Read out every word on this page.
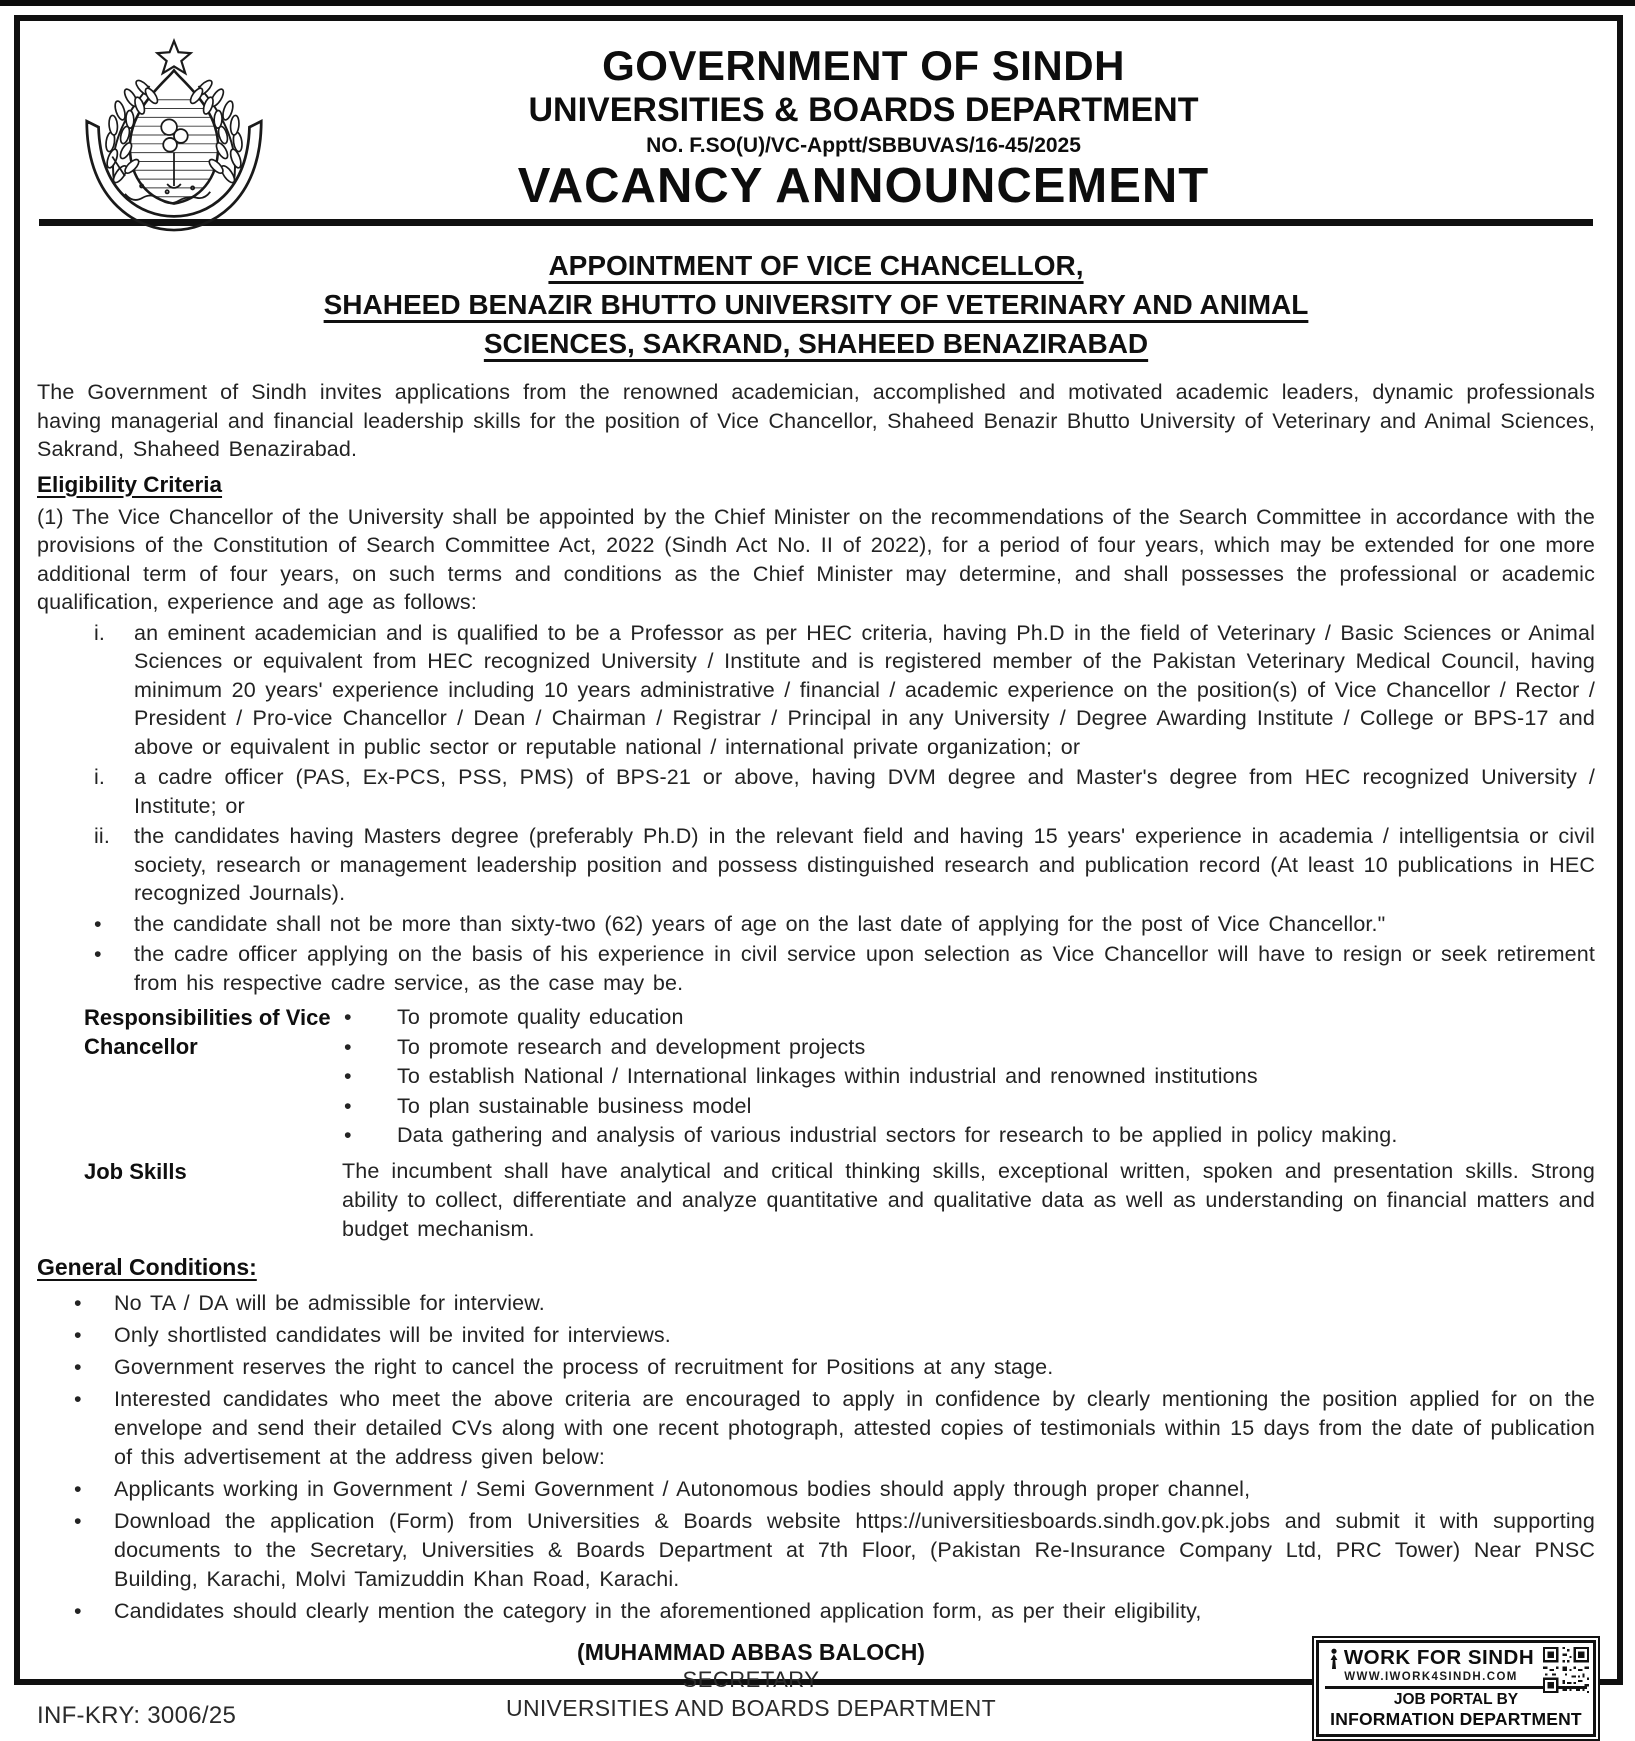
GOVERNMENT OF SINDH
UNIVERSITIES & BOARDS DEPARTMENT
NO. F.SO(U)/VC-Apptt/SBBUVAS/16-45/2025
VACANCY ANNOUNCEMENT
APPOINTMENT OF VICE CHANCELLOR,
SHAHEED BENAZIR BHUTTO UNIVERSITY OF VETERINARY AND ANIMAL
SCIENCES, SAKRAND, SHAHEED BENAZIRABAD

The Government of Sindh invites applications from the renowned academician, accomplished and motivated academic leaders, dynamic professionals having managerial and financial leadership skills for the position of Vice Chancellor, Shaheed Benazir Bhutto University of Veterinary and Animal Sciences, Sakrand, Shaheed Benazirabad.

Eligibility Criteria

(1) The Vice Chancellor of the University shall be appointed by the Chief Minister on the recommendations of the Search Committee in accordance with the provisions of the Constitution of Search Committee Act, 2022 (Sindh Act No. II of 2022), for a period of four years, which may be extended for one more additional term of four years, on such terms and conditions as the Chief Minister may determine, and shall possesses the professional or academic qualification, experience and age as follows:

i. an eminent academician and is qualified to be a Professor as per HEC criteria, having Ph.D in the field of Veterinary / Basic Sciences or Animal Sciences or equivalent from HEC recognized University / Institute and is registered member of the Pakistan Veterinary Medical Council, having minimum 20 years' experience including 10 years administrative / financial / academic experience on the position(s) of Vice Chancellor / Rector / President / Pro-vice Chancellor / Dean / Chairman / Registrar / Principal in any University / Degree Awarding Institute / College or BPS-17 and above or equivalent in public sector or reputable national / international private organization; or
i. a cadre officer (PAS, Ex-PCS, PSS, PMS) of BPS-21 or above, having DVM degree and Master's degree from HEC recognized University / Institute; or
ii. the candidates having Masters degree (preferably Ph.D) in the relevant field and having 15 years' experience in academia / intelligentsia or civil society, research or management leadership position and possess distinguished research and publication record (At least 10 publications in HEC recognized Journals).
• the candidate shall not be more than sixty-two (62) years of age on the last date of applying for the post of Vice Chancellor."
• the cadre officer applying on the basis of his experience in civil service upon selection as Vice Chancellor will have to resign or seek retirement from his respective cadre service, as the case may be.
Responsibilities of Vice Chancellor
• To promote quality education
• To promote research and development projects
• To establish National / International linkages within industrial and renowned institutions
• To plan sustainable business model
• Data gathering and analysis of various industrial sectors for research to be applied in policy making.
Job Skills	The incumbent shall have analytical and critical thinking skills, exceptional written, spoken and presentation skills. Strong ability to collect, differentiate and analyze quantitative and qualitative data as well as understanding on financial matters and budget mechanism.

General Conditions:
• No TA / DA will be admissible for interview.
• Only shortlisted candidates will be invited for interviews.
• Government reserves the right to cancel the process of recruitment for Positions at any stage.
• Interested candidates who meet the above criteria are encouraged to apply in confidence by clearly mentioning the position applied for on the envelope and send their detailed CVs along with one recent photograph, attested copies of testimonials within 15 days from the date of publication of this advertisement at the address given below:
• Applicants working in Government / Semi Government / Autonomous bodies should apply through proper channel,
• Download the application (Form) from Universities & Boards website https://universitiesboards.sindh.gov.pk.jobs and submit it with supporting documents to the Secretary, Universities & Boards Department at 7th Floor, (Pakistan Re-Insurance Company Ltd, PRC Tower) Near PNSC Building, Karachi, Molvi Tamizuddin Khan Road, Karachi.
• Candidates should clearly mention the category in the aforementioned application form, as per their eligibility,
(MUHAMMAD ABBAS BALOCH)
SECRETARY
UNIVERSITIES AND BOARDS DEPARTMENT
INF-KRY: 3006/25
WORK FOR SINDH
WWW.IWORK4SINDH.COM
JOB PORTAL BY
INFORMATION DEPARTMENT
